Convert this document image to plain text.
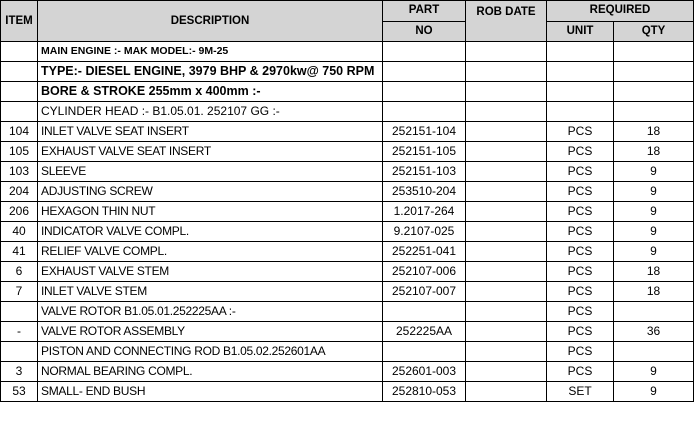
ITEM	DESCRIPTION	PART	ROB DATE	REQUIRED	
		NO		UNIT	QTY
	MAIN ENGINE :- MAK MODEL:- 9M-25				
	TYPE:- DIESEL ENGINE, 3979 BHP & 2970kw@ 750 RPM				
	BORE & STROKE 255mm x 400mm :-				
	CYLINDER HEAD :- B1.05.01. 252107 GG :-				
104	INLET VALVE SEAT INSERT	252151-104		PCS	18
105	EXHAUST VALVE SEAT INSERT	252151-105		PCS	18
103	SLEEVE	252151-103		PCS	9
204	ADJUSTING SCREW	253510-204		PCS	9
206	HEXAGON THIN NUT	1.2017-264		PCS	9
40	INDICATOR VALVE COMPL.	9.2107-025		PCS	9
41	RELIEF VALVE COMPL.	252251-041		PCS	9
6	EXHAUST VALVE STEM	252107-006		PCS	18
7	INLET VALVE STEM	252107-007		PCS	18
	VALVE ROTOR B1.05.01.252225AA :-			PCS	
-	VALVE ROTOR ASSEMBLY	252225AA		PCS	36
	PISTON AND CONNECTING ROD B1.05.02.252601AA			PCS	
3	NORMAL BEARING COMPL.	252601-003		PCS	9
53	SMALL- END BUSH	252810-053		SET	9
